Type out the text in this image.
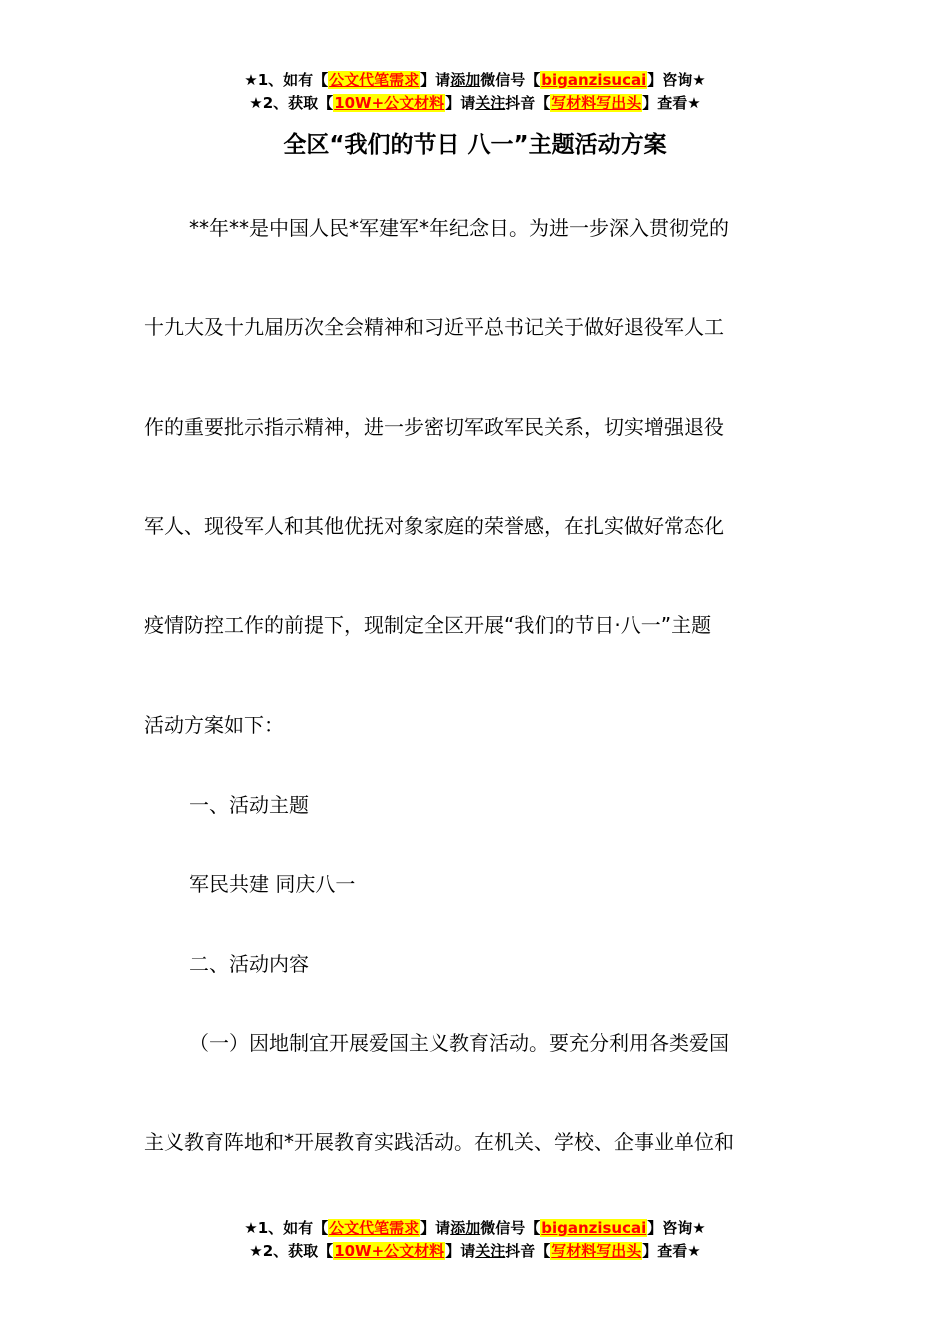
★1、如有【公文代笔需求】请添加微信号【biganzisucai】咨询★
★2、获取【10W+公文材料】请关注抖音【写材料写出头】查看★
全区“我们的节日 八一”主题活动方案
**年**是中国人民*军建军*年纪念日。为进一步深入贯彻党的
十九大及十九届历次全会精神和习近平总书记关于做好退役军人工
作的重要批示指示精神，进一步密切军政军民关系，切实增强退役
军人、现役军人和其他优抚对象家庭的荣誉感，在扎实做好常态化
疫情防控工作的前提下，现制定全区开展“我们的节日·八一”主题
活动方案如下：
一、活动主题
军民共建 同庆八一
二、活动内容
（一）因地制宜开展爱国主义教育活动。要充分利用各类爱国
主义教育阵地和*开展教育实践活动。在机关、学校、企事业单位和
★1、如有【公文代笔需求】请添加微信号【biganzisucai】咨询★
★2、获取【10W+公文材料】请关注抖音【写材料写出头】查看★
